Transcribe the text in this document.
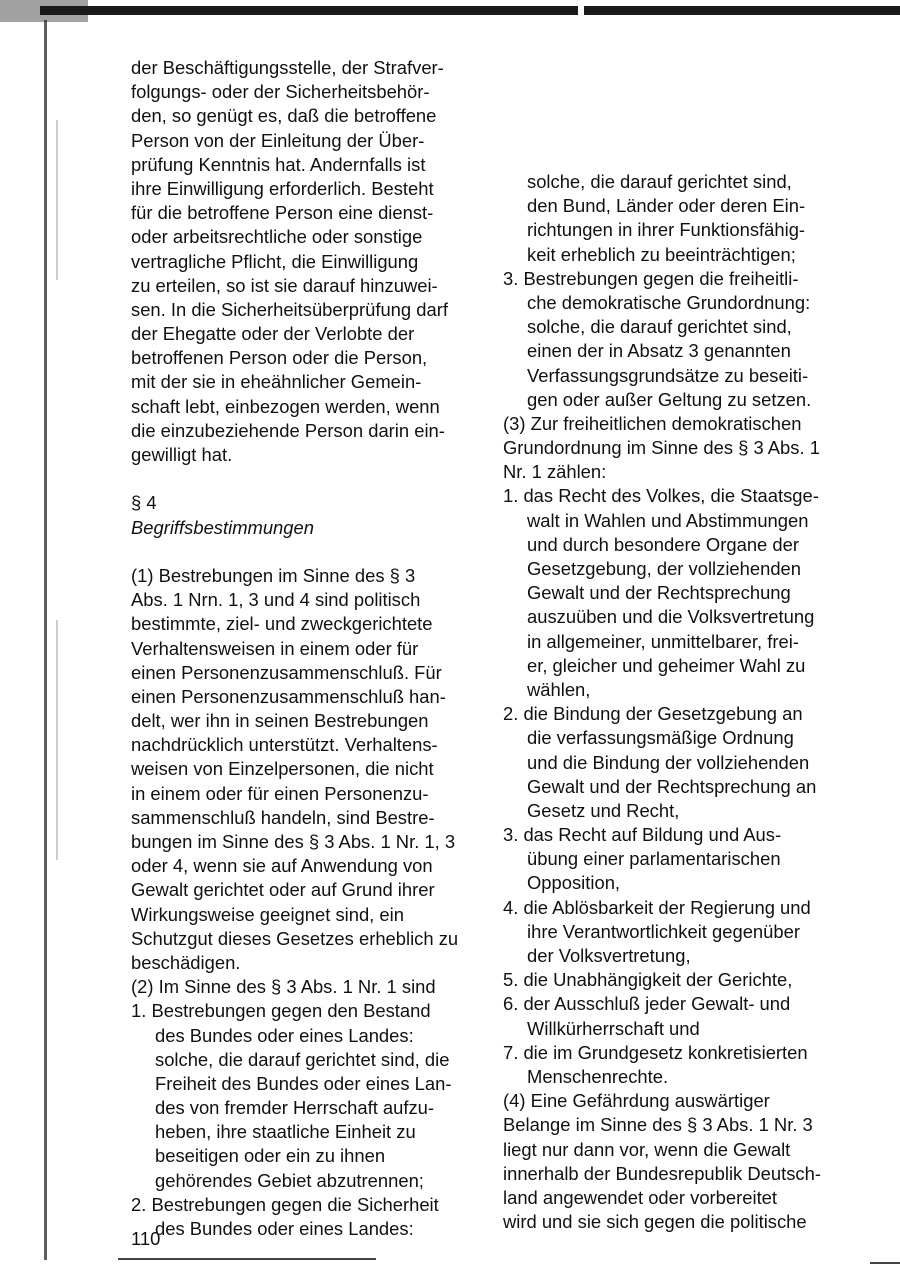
der Beschäftigungsstelle, der Strafver-
folgungs- oder der Sicherheitsbehör-
den, so genügt es, daß die betroffene
Person von der Einleitung der Über-
prüfung Kenntnis hat. Andernfalls ist
ihre Einwilligung erforderlich. Besteht
für die betroffene Person eine dienst-
oder arbeitsrechtliche oder sonstige
vertragliche Pflicht, die Einwilligung
zu erteilen, so ist sie darauf hinzuwei-
sen. In die Sicherheitsüberprüfung darf
der Ehegatte oder der Verlobte der
betroffenen Person oder die Person,
mit der sie in eheähnlicher Gemein-
schaft lebt, einbezogen werden, wenn
die einzubeziehende Person darin ein-
gewilligt hat.
§ 4
Begriffsbestimmungen
(1) Bestrebungen im Sinne des § 3
Abs. 1 Nrn. 1, 3 und 4 sind politisch
bestimmte, ziel- und zweckgerichtete
Verhaltensweisen in einem oder für
einen Personenzusammenschluß. Für
einen Personenzusammenschluß han-
delt, wer ihn in seinen Bestrebungen
nachdrücklich unterstützt. Verhaltens-
weisen von Einzelpersonen, die nicht
in einem oder für einen Personenzu-
sammenschluß handeln, sind Bestre-
bungen im Sinne des § 3 Abs. 1 Nr. 1, 3
oder 4, wenn sie auf Anwendung von
Gewalt gerichtet oder auf Grund ihrer
Wirkungsweise geeignet sind, ein
Schutzgut dieses Gesetzes erheblich zu
beschädigen.
(2) Im Sinne des § 3 Abs. 1 Nr. 1 sind
1. Bestrebungen gegen den Bestand
des Bundes oder eines Landes:
solche, die darauf gerichtet sind, die
Freiheit des Bundes oder eines Lan-
des von fremder Herrschaft aufzu-
heben, ihre staatliche Einheit zu
beseitigen oder ein zu ihnen
gehörendes Gebiet abzutrennen;
2. Bestrebungen gegen die Sicherheit
des Bundes oder eines Landes:
solche, die darauf gerichtet sind,
den Bund, Länder oder deren Ein-
richtungen in ihrer Funktionsfähig-
keit erheblich zu beeinträchtigen;
3. Bestrebungen gegen die freiheitli-
che demokratische Grundordnung:
solche, die darauf gerichtet sind,
einen der in Absatz 3 genannten
Verfassungsgrundsätze zu beseiti-
gen oder außer Geltung zu setzen.
(3) Zur freiheitlichen demokratischen
Grundordnung im Sinne des § 3 Abs. 1
Nr. 1 zählen:
1. das Recht des Volkes, die Staatsge-
walt in Wahlen und Abstimmungen
und durch besondere Organe der
Gesetzgebung, der vollziehenden
Gewalt und der Rechtsprechung
auszuüben und die Volksvertretung
in allgemeiner, unmittelbarer, frei-
er, gleicher und geheimer Wahl zu
wählen,
2. die Bindung der Gesetzgebung an
die verfassungsmäßige Ordnung
und die Bindung der vollziehenden
Gewalt und der Rechtsprechung an
Gesetz und Recht,
3. das Recht auf Bildung und Aus-
übung einer parlamentarischen
Opposition,
4. die Ablösbarkeit der Regierung und
ihre Verantwortlichkeit gegenüber
der Volksvertretung,
5. die Unabhängigkeit der Gerichte,
6. der Ausschluß jeder Gewalt- und
Willkürherrschaft und
7. die im Grundgesetz konkretisierten
Menschenrechte.
(4) Eine Gefährdung auswärtiger
Belange im Sinne des § 3 Abs. 1 Nr. 3
liegt nur dann vor, wenn die Gewalt
innerhalb der Bundesrepublik Deutsch-
land angewendet oder vorbereitet
wird und sie sich gegen die politische
110
